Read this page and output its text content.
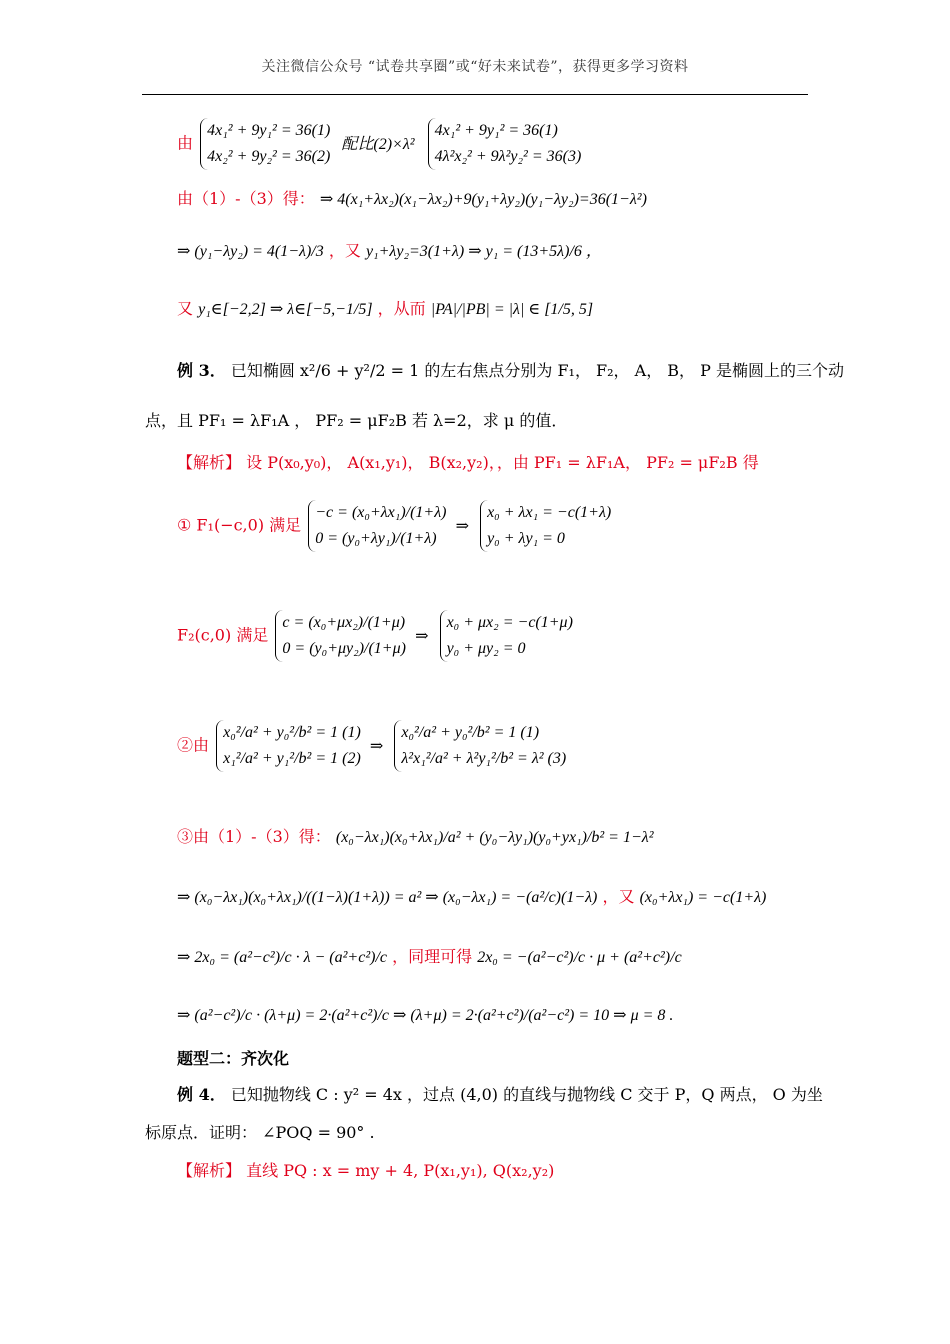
关注微信公众号 “试卷共享圈”或“好未来试卷”，获得更多学习资料
由
4x₁² + 9y₁² = 36(1)
4x₂² + 9y₂² = 36(2)
配比(2)×λ²
4x₁² + 9y₁² = 36(1)
4λ²x₂² + 9λ²y₂² = 36(3)
由（1）-（3）得： ⇒ 4(x₁+λx₂)(x₁−λx₂)+9(y₁+λy₂)(y₁−λy₂)=36(1−λ²)
⇒ (y₁−λy₂) = 4(1−λ)/3 ，又 y₁+λy₂=3(1+λ) ⇒ y₁ = (13+5λ)/6 ，
又 y₁∈[−2,2] ⇒ λ∈[−5,−1/5] ，从而 |PA|/|PB| = |λ| ∈ [1/5, 5]
例 3． 已知椭圆 x²/6 + y²/2 = 1 的左右焦点分别为 F₁， F₂， A， B， P 是椭圆上的三个动
点，且 PF₁ = λF₁A ， PF₂ = μF₂B 若 λ=2，求 μ 的值．
【解析】 设 P(x₀,y₀)， A(x₁,y₁)， B(x₂,y₂)，，由 PF₁ = λF₁A， PF₂ = μF₂B 得
① F₁(−c,0) 满足
−c = (x₀+λx₁)/(1+λ)
0 = (y₀+λy₁)/(1+λ)
⇒
x₀ + λx₁ = −c(1+λ)
y₀ + λy₁ = 0
F₂(c,0) 满足
c = (x₀+μx₂)/(1+μ)
0 = (y₀+μy₂)/(1+μ)
⇒
x₀ + μx₂ = −c(1+μ)
y₀ + μy₂ = 0
②由
x₀²/a² + y₀²/b² = 1 (1)
x₁²/a² + y₁²/b² = 1 (2)
⇒
x₀²/a² + y₀²/b² = 1 (1)
λ²x₁²/a² + λ²y₁²/b² = λ² (3)
③由（1）-（3）得： (x₀−λx₁)(x₀+λx₁)/a² + (y₀−λy₁)(y₀+yx₁)/b² = 1−λ²
⇒ (x₀−λx₁)(x₀+λx₁)/((1−λ)(1+λ)) = a² ⇒ (x₀−λx₁) = −(a²/c)(1−λ) ，又 (x₀+λx₁) = −c(1+λ)
⇒ 2x₀ = (a²−c²)/c · λ − (a²+c²)/c ，同理可得 2x₀ = −(a²−c²)/c · μ + (a²+c²)/c
⇒ (a²−c²)/c · (λ+μ) = 2·(a²+c²)/c ⇒ (λ+μ) = 2·(a²+c²)/(a²−c²) = 10 ⇒ μ = 8 .
题型二：齐次化
例 4． 已知抛物线 C : y² = 4x ，过点 (4,0) 的直线与抛物线 C 交于 P，Q 两点， O 为坐
标原点．证明： ∠POQ = 90° .
【解析】 直线 PQ : x = my + 4, P(x₁,y₁), Q(x₂,y₂)
